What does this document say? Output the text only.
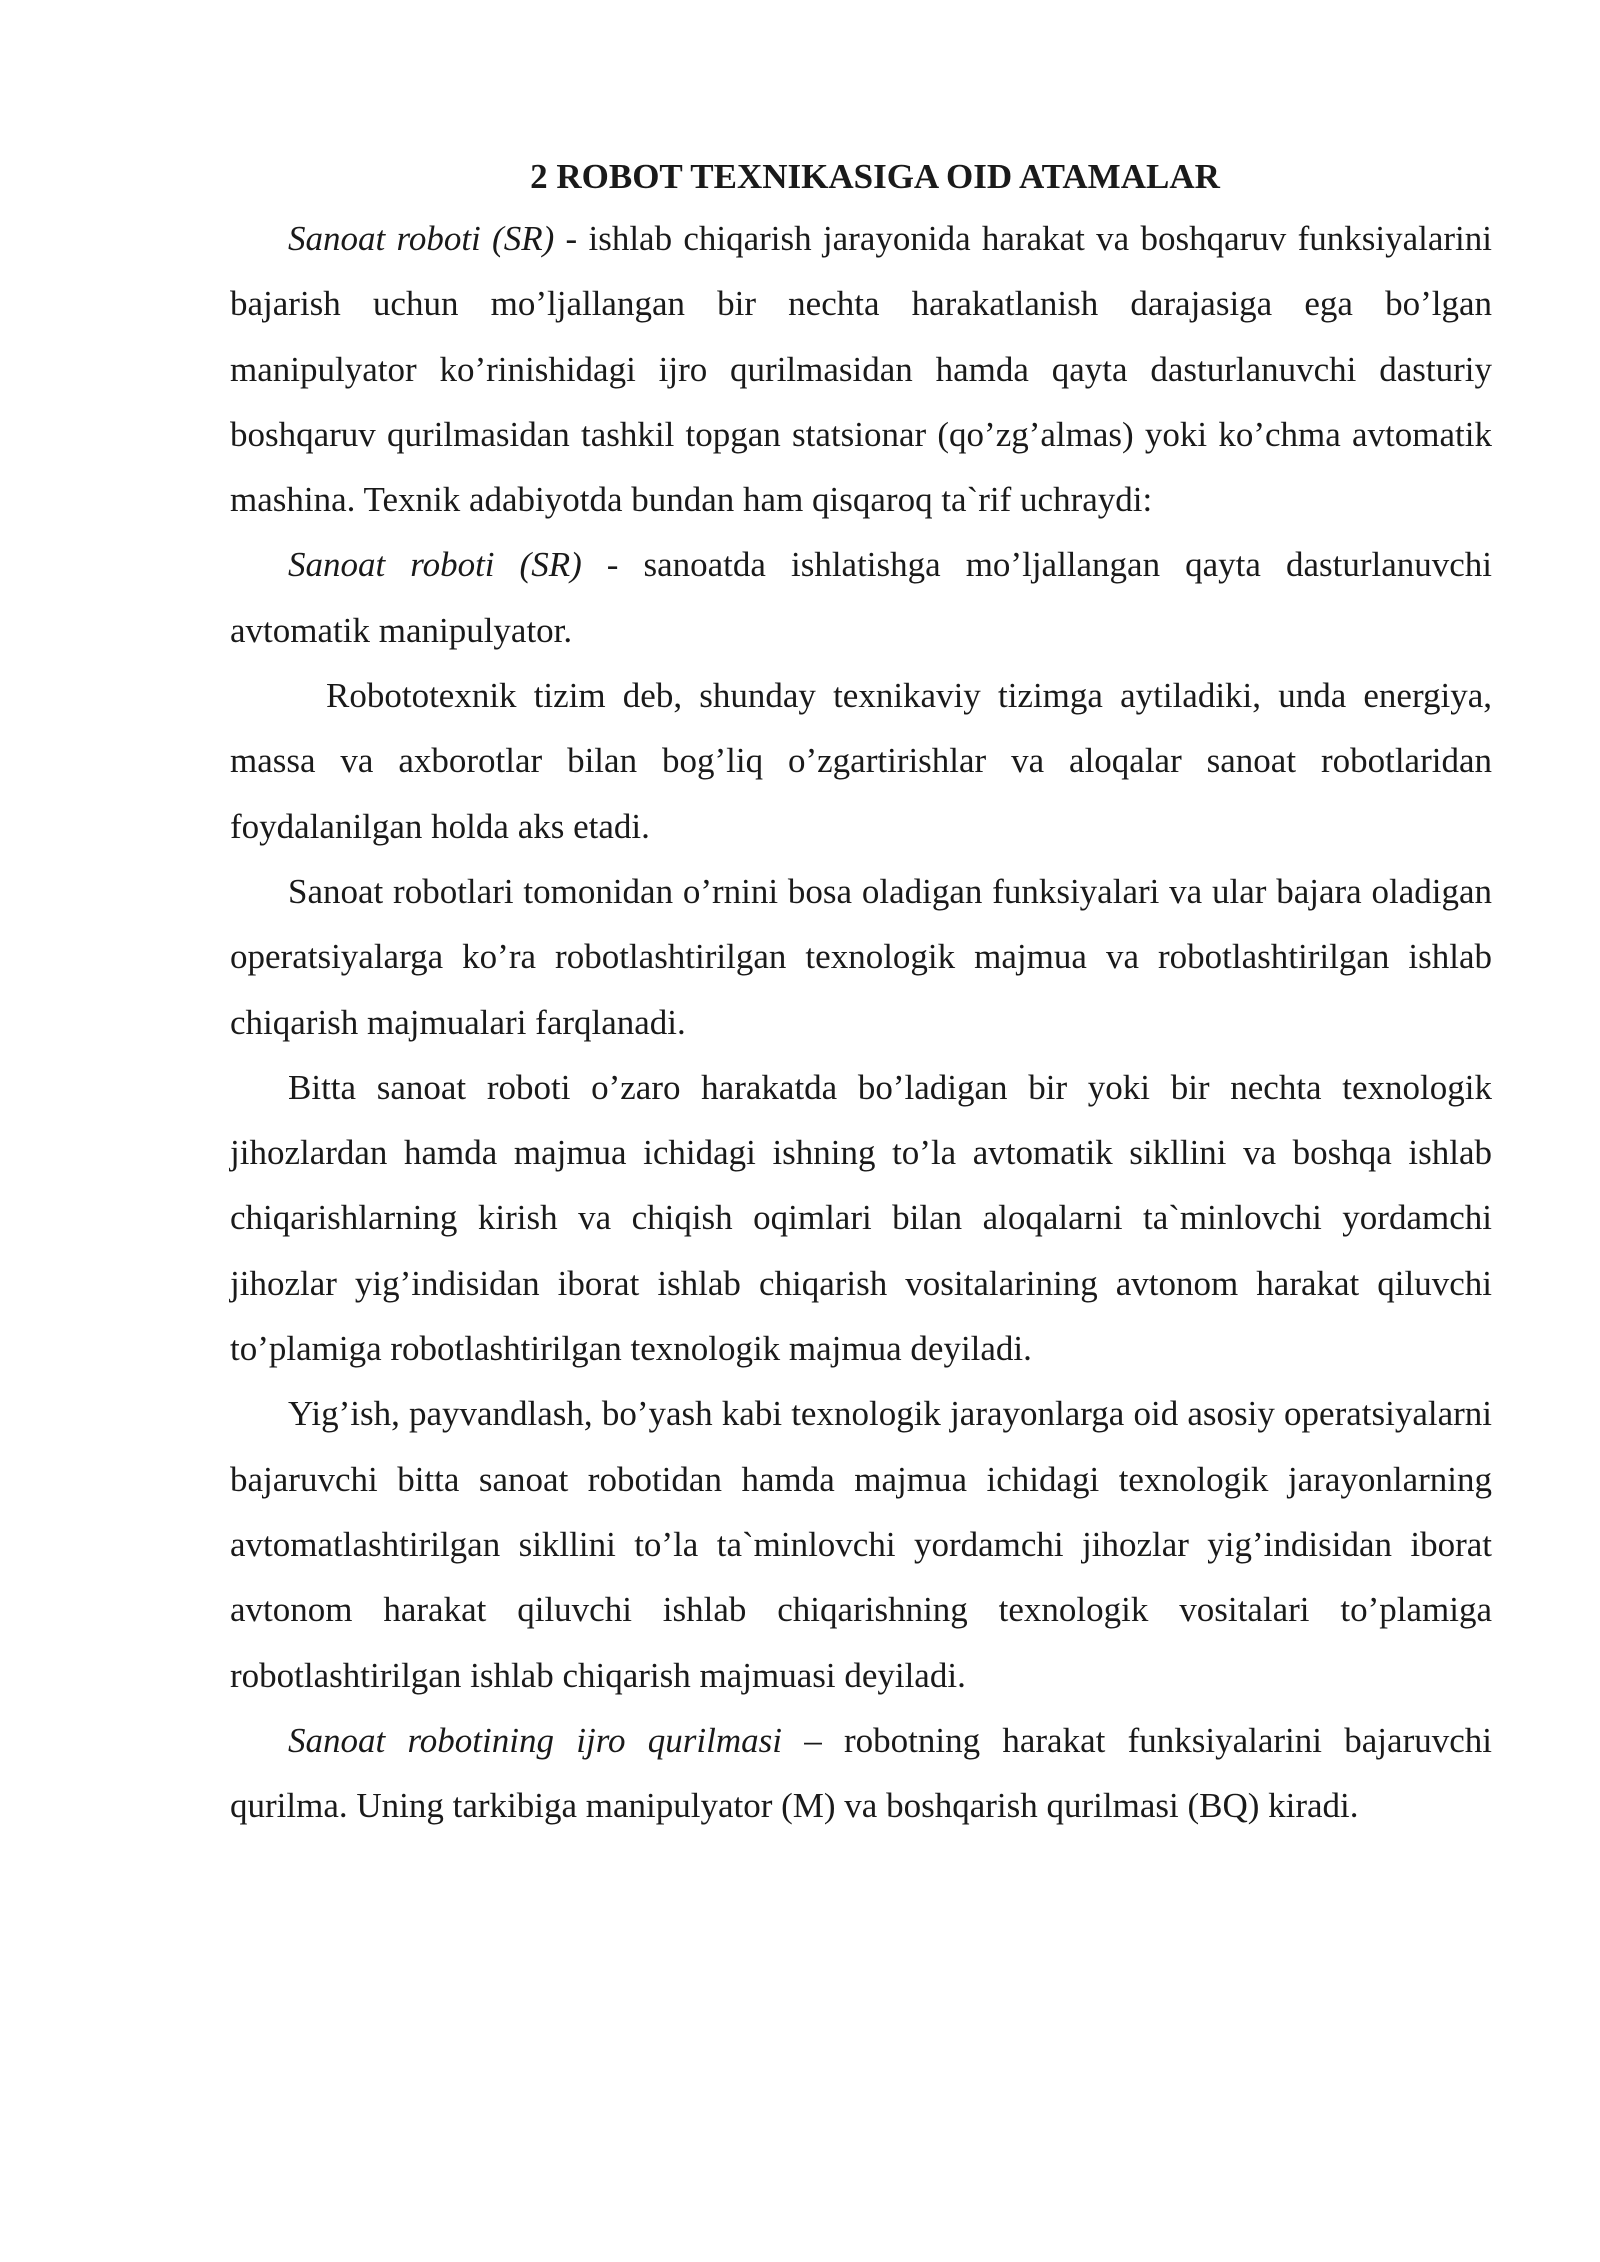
2 ROBOT TEXNIKASIGA OID ATAMALAR

Sanoat roboti (SR) - ishlab chiqarish jarayonida harakat va boshqaruv funksiyalarini bajarish uchun mo’ljallangan bir nechta harakatlanish darajasiga ega bo’lgan manipulyator ko’rinishidagi ijro qurilmasidan hamda qayta dasturlanuvchi dasturiy boshqaruv qurilmasidan tashkil topgan statsionar (qo’zg’almas) yoki ko’chma avtomatik mashina. Texnik adabiyotda bundan ham qisqaroq ta`rif uchraydi:

Sanoat roboti (SR) - sanoatda ishlatishga mo’ljallangan qayta dasturlanuvchi avtomatik manipulyator.

Robototexnik tizim deb, shunday texnikaviy tizimga aytiladiki, unda energiya, massa va axborotlar bilan bog’liq o’zgartirishlar va aloqalar sanoat robotlaridan foydalanilgan holda aks etadi.

Sanoat robotlari tomonidan o’rnini bosa oladigan funksiyalari va ular bajara oladigan operatsiyalarga ko’ra robotlashtirilgan texnologik majmua va robotlashtirilgan ishlab chiqarish majmualari farqlanadi.

Bitta sanoat roboti o’zaro harakatda bo’ladigan bir yoki bir nechta texnologik jihozlardan hamda majmua ichidagi ishning to’la avtomatik sikllini va boshqa ishlab chiqarishlarning kirish va chiqish oqimlari bilan aloqalarni ta`minlovchi yordamchi jihozlar yig’indisidan iborat ishlab chiqarish vositalarining avtonom harakat qiluvchi to’plamiga robotlashtirilgan texnologik majmua deyiladi.

Yig’ish, payvandlash, bo’yash kabi texnologik jarayonlarga oid asosiy operatsiyalarni bajaruvchi bitta sanoat robotidan hamda majmua ichidagi texnologik jarayonlarning avtomatlashtirilgan sikllini to’la ta`minlovchi yordamchi jihozlar yig’indisidan iborat avtonom harakat qiluvchi ishlab chiqarishning texnologik vositalari to’plamiga robotlashtirilgan ishlab chiqarish majmuasi deyiladi.

Sanoat robotining ijro qurilmasi – robotning harakat funksiyalarini bajaruvchi qurilma. Uning tarkibiga manipulyator (M) va boshqarish qurilmasi (BQ) kiradi.
